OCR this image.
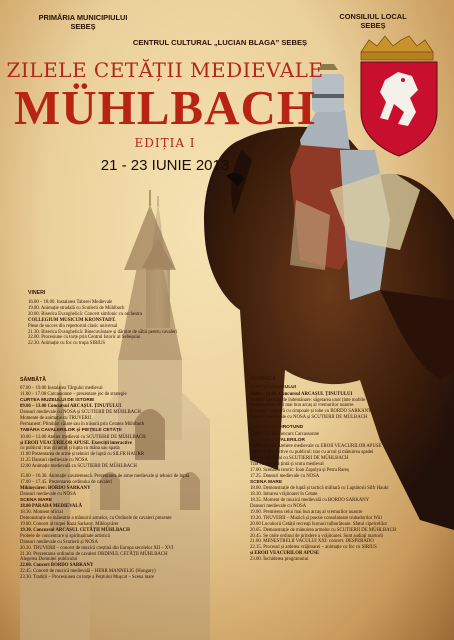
PRIMĂRIA MUNICIPIULUI
SEBEȘ
CONSILIUL LOCAL
SEBEȘ
CENTRUL CULTURAL „LUCIAN BLAGA” SEBEȘ
ZILELE CETĂȚII MEDIEVALE
MÜHLBACH
EDIȚIA I
21 - 23 IUNIE 2013
VINERI
16.00 – 18.00. Instalarea Taberei Medievale
19.00. Animație stradală cu Scutierii de Mühlbach
20.00. Biserica Evanghelică: Concert simfonic cu orchestra
COLLEGIUM MUSICUM KRONSTADT.
Piese de succes din repertoriul clasic universal
21.30. Biserica Evanghelică: Binecuvântare și dăruire de săbii pentru cavaleri
22.00. Procesiune cu torțe prin Centrul Istoric al Sebeșului
22.30. Animație cu foc cu trupa SIRIUS
SÂMBĂTĂ
07.00 – 19.00 Instalarea Târgului medieval
11.00 – 17.00 Carcassonne – prezentare joc de strategie
CURTEA MUZEULUI DE ISTORIE
09.00 – 13.00 Concursul ARCAȘUL ȚINUTULUI
Dansuri medievale cu NOSA și SCUTIERII DE MÜHLBACH
Momente de animație cu TRUVERII
Permanent: Plimbări călare sau în trăsură prin Cetatea Mühlbach
TABĂRA CAVALERILOR și PIEȚELE CETĂȚII
10.00 – 13.00 Atelier medieval cu SCUTIERII DE MÜHLBACH
și EROII VEACURILOR APUSE. Exerciții interactive
cu publicul: tras cu arcul și lupta cu mâna sau spada
11.00 Prezentarea de arme și tehnici de luptă cu SILFR HAUKR
11.35 Dansuri medievale cu NOSA
12.00 Animație medievală cu SCUTIERII DE MÜHLBACH
15.00 – 16.30. Animație cavalerească. Prezentarea de arme medievale și tehnici de luptă
17.00 – 17.45. Prezentarea ordinului de cavaleri
Mikloșvárer: BORDO SARKANY
Dansuri medievale cu NOSA
SCENA MARE
18.00 PARADA MEDIEVALĂ
18.30. Moment oficial
Demonstrație de măiestrie a mânuirii armelor, cu Ordinele de cavaleri prezente
19.00. Concert al trupei Raza Sarkany. Mikloșvárer
19.30. Concursul ARCAȘUL CETĂȚII MÜHLBACH
Probele de concentrare și spiritualitate artistică
Dansuri medievale cu Scutierii și NOSA
20.30. TRUVERII – concert de muzică creștină din Europa secolelor XII – XVI
21.30. Prezentarea ordinului de cavaleri ORDINUL CETĂȚII MÜHLBACH
Alegerea Domniței publicului
22.00. Concert BORDO SARKANY
22.45. Concert de muzică medievală – HERR MANNELIG (Hungary)
23.30. Tradiții – Procesiunea cu torțe a Pețitului Mușcat – Scena mare
DUMINICĂ
CURTEA MUZEULUI
10.00 – 13.00. Concursul ARCAȘUL ȚINUTULUI
Probele speciale de îndemânare: săgetarea unor ținte mobile
Desemnarea celui mai bun arcaș al vremurilor noastre
În pauze – muzică cu cimpoaie și tobe cu BORDO SARKANY
Dansuri medievale cu NOSA și SCUTIERII DE MÜLBACH
TURNUL SEMIROTUND
12.00 – 17.00 Concurs Carcassonne
TABĂRA CAVALERILOR
10.00 – 17.00 Ateliere medievale cu EROII VEACURILOR APUSE
Exerciții interactive cu publicul: tras cu arcul și mânuirea spadei
Atelier medieval cu SCUTIERII DE MÜHLBACH
Tras cu arcul la țintă și scutu medieval
17.00. Scenariu istoric: Ioan Zapolya și Petru Rareș
17.25. Dansuri medievale cu NOSA
SCENA MARE
18.00. Demonstrație de luptă și tactică militară cu Luptătorii Silfr Haukr
18.30. Intrarea vrăjitoarei în Cetate
18.35. Moment de muzică medievală cu BORDO SARKANY
Dansuri medievale cu NOSA
19.00. Premierea celui mai bun arcaș al vremurilor noastre
19.20. TRUVERII – Muzică și poezie consolatoare trubadurilor Wiil
20.00 Locuitorii Cetății recreați burnuri tulburătoare. Sfatul cipelcelilor
20.05. Demonstrație de mânuirea armelor cu SCUTIERII DE MÜHLBACH
20.45. Se onite ordinul de prindere a vrăjitoarei. Sunt audiați martorii
21.00. MENESTRELII VACULUI XXI: concert. DESPERADO
22.15. Procesul și arderea vrăjitoarei – animație cu foc cu SIRIUS
și EROII VEACURILOR APUSE
23.00. Închiderea programului
